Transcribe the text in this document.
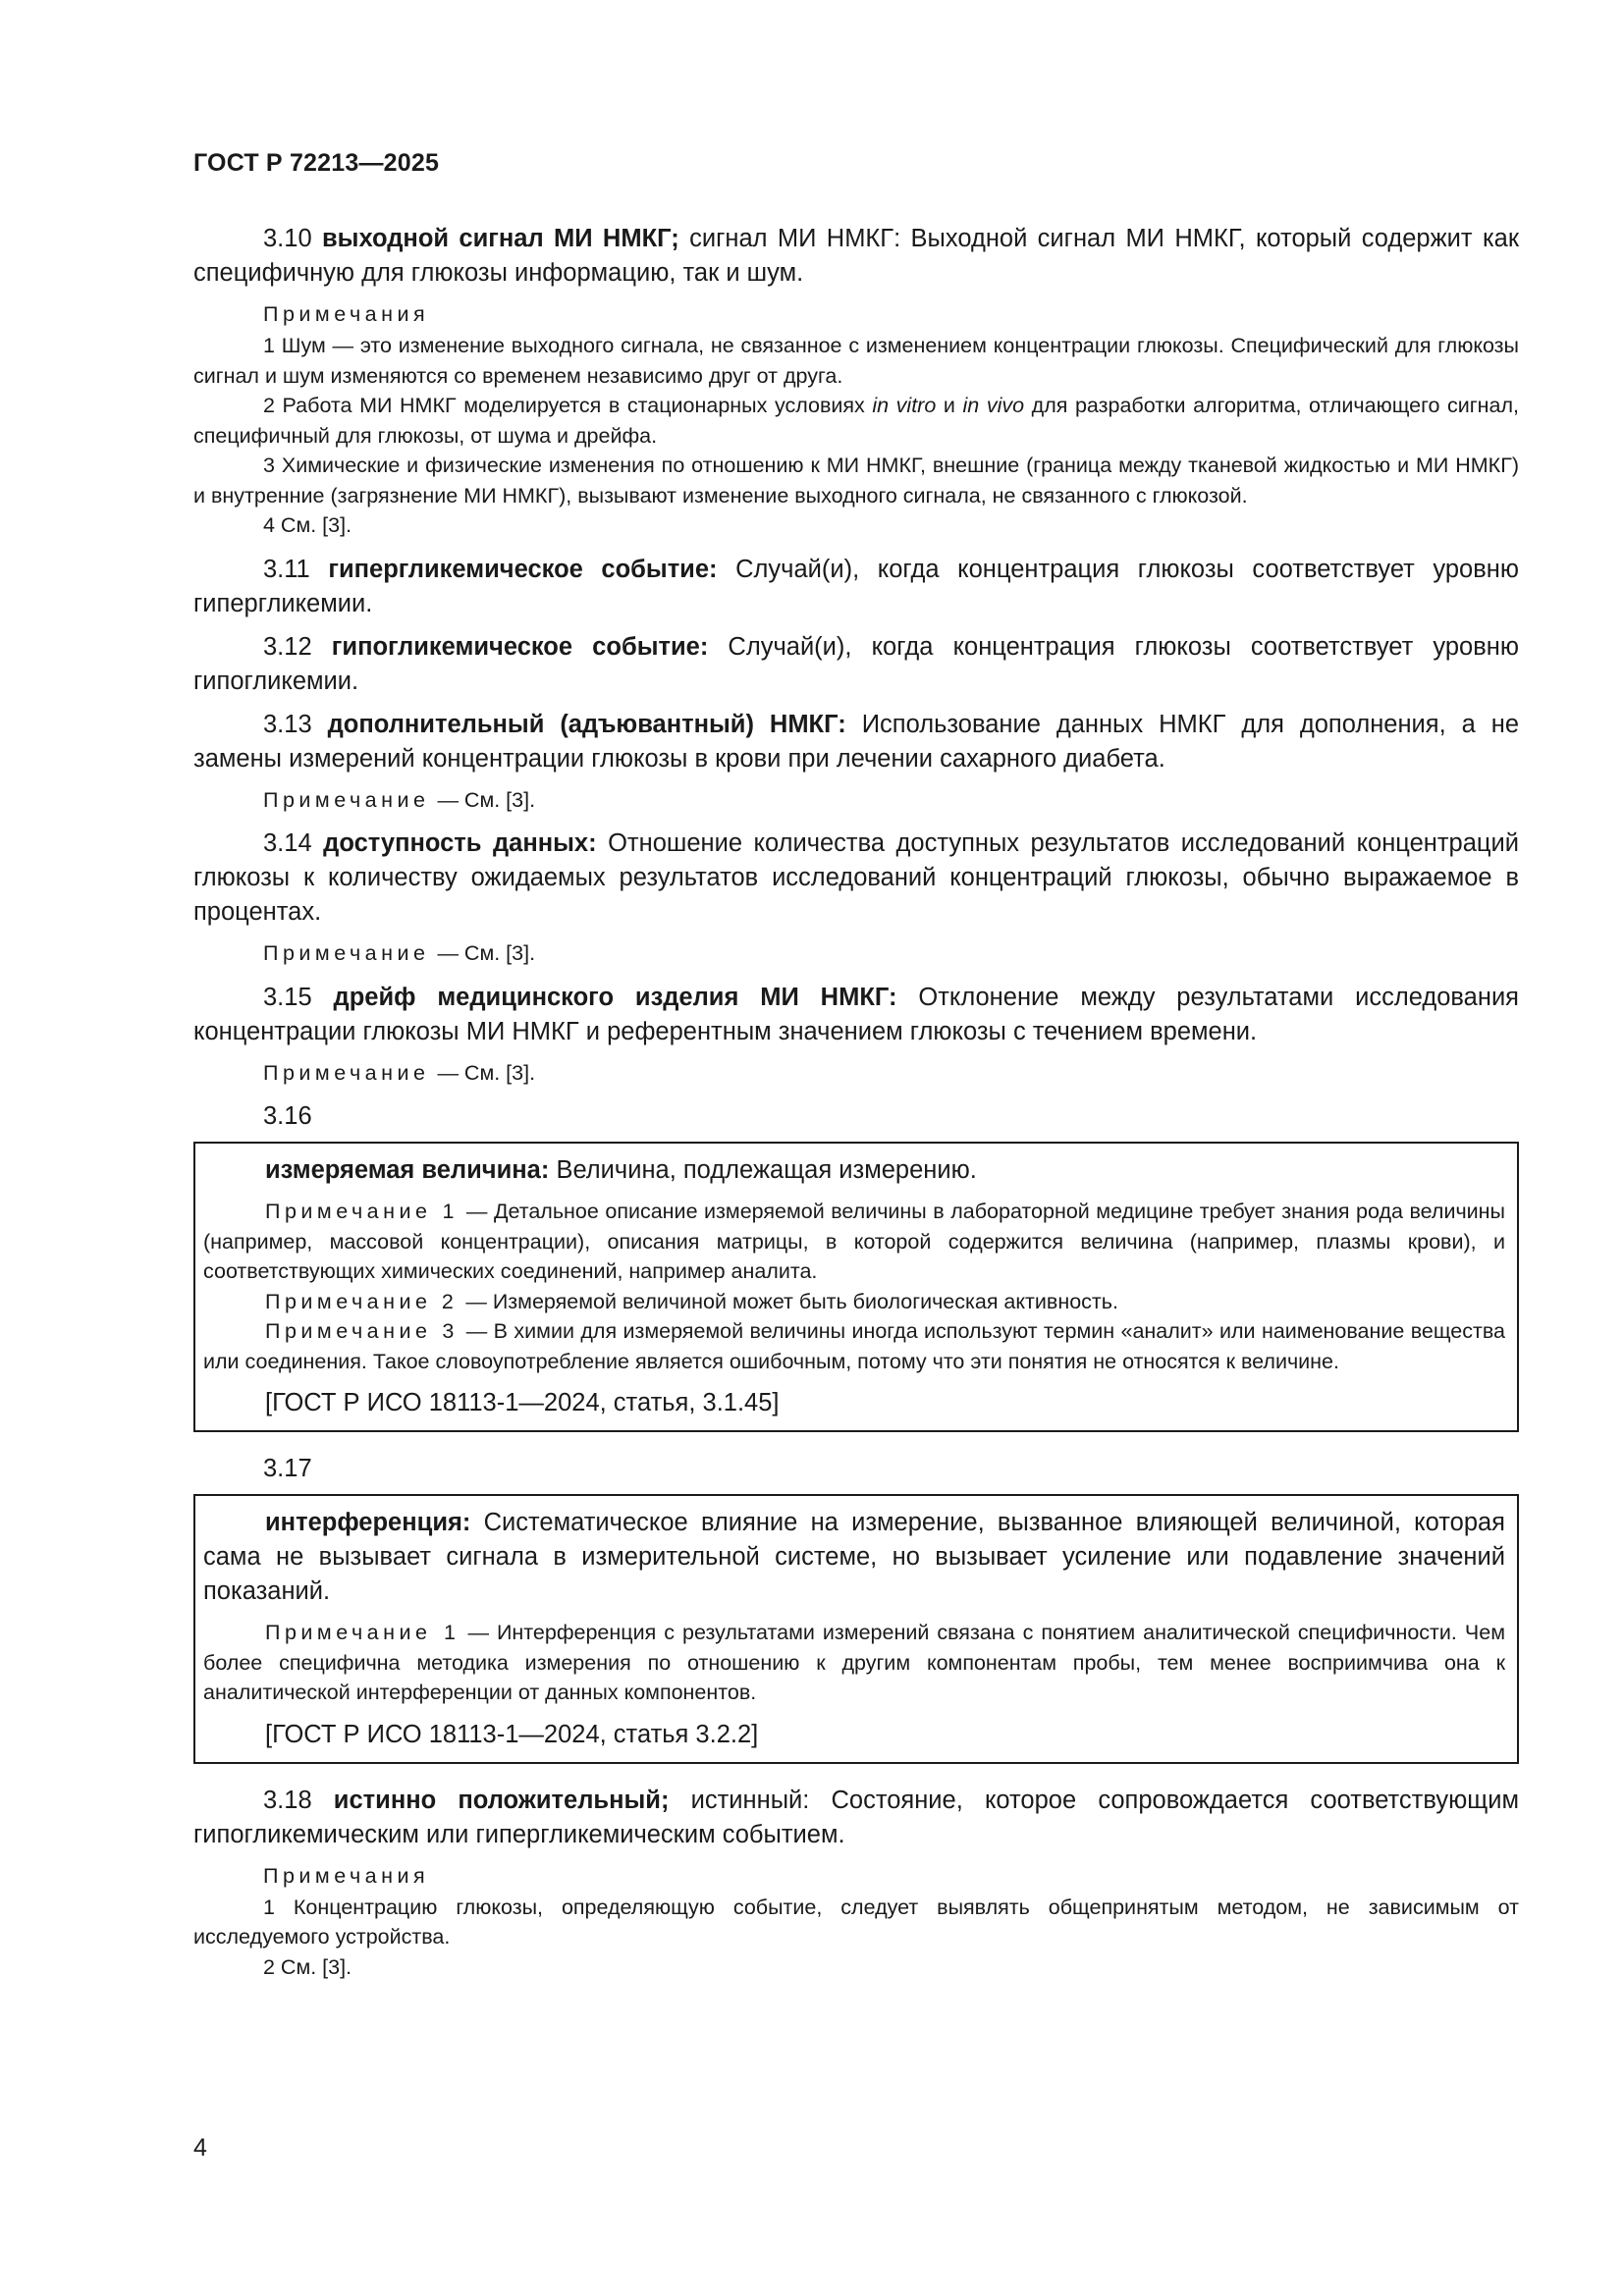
ГОСТ Р 72213—2025

3.10 выходной сигнал МИ НМКГ; сигнал МИ НМКГ: Выходной сигнал МИ НМКГ, который содержит как специфичную для глюкозы информацию, так и шум.

Примечания

1 Шум — это изменение выходного сигнала, не связанное с изменением концентрации глюкозы. Специфический для глюкозы сигнал и шум изменяются со временем независимо друг от друга.

2 Работа МИ НМКГ моделируется в стационарных условиях in vitro и in vivo для разработки алгоритма, отличающего сигнал, специфичный для глюкозы, от шума и дрейфа.

3 Химические и физические изменения по отношению к МИ НМКГ, внешние (граница между тканевой жидкостью и МИ НМКГ) и внутренние (загрязнение МИ НМКГ), вызывают изменение выходного сигнала, не связанного с глюкозой.

4 См. [3].

3.11 гипергликемическое событие: Случай(и), когда концентрация глюкозы соответствует уровню гипергликемии.

3.12 гипогликемическое событие: Случай(и), когда концентрация глюкозы соответствует уровню гипогликемии.

3.13 дополнительный (адъювантный) НМКГ: Использование данных НМКГ для дополнения, а не замены измерений концентрации глюкозы в крови при лечении сахарного диабета.

Примечание — См. [3].

3.14 доступность данных: Отношение количества доступных результатов исследований концентраций глюкозы к количеству ожидаемых результатов исследований концентраций глюкозы, обычно выражаемое в процентах.

Примечание — См. [3].

3.15 дрейф медицинского изделия МИ НМКГ: Отклонение между результатами исследования концентрации глюкозы МИ НМКГ и референтным значением глюкозы с течением времени.

Примечание — См. [3].

3.16

измеряемая величина: Величина, подлежащая измерению.

Примечание 1 — Детальное описание измеряемой величины в лабораторной медицине требует знания рода величины (например, массовой концентрации), описания матрицы, в которой содержится величина (например, плазмы крови), и соответствующих химических соединений, например аналита.

Примечание 2 — Измеряемой величиной может быть биологическая активность.

Примечание 3 — В химии для измеряемой величины иногда используют термин «аналит» или наименование вещества или соединения. Такое словоупотребление является ошибочным, потому что эти понятия не относятся к величине.

[ГОСТ Р ИСО 18113-1—2024, статья, 3.1.45]

3.17

интерференция: Систематическое влияние на измерение, вызванное влияющей величиной, которая сама не вызывает сигнала в измерительной системе, но вызывает усиление или подавление значений показаний.

Примечание 1 — Интерференция с результатами измерений связана с понятием аналитической специфичности. Чем более специфична методика измерения по отношению к другим компонентам пробы, тем менее восприимчива она к аналитической интерференции от данных компонентов.

[ГОСТ Р ИСО 18113-1—2024, статья 3.2.2]

3.18 истинно положительный; истинный: Состояние, которое сопровождается соответствующим гипогликемическим или гипергликемическим событием.

Примечания

1 Концентрацию глюкозы, определяющую событие, следует выявлять общепринятым методом, не зависимым от исследуемого устройства.

2 См. [3].

4
